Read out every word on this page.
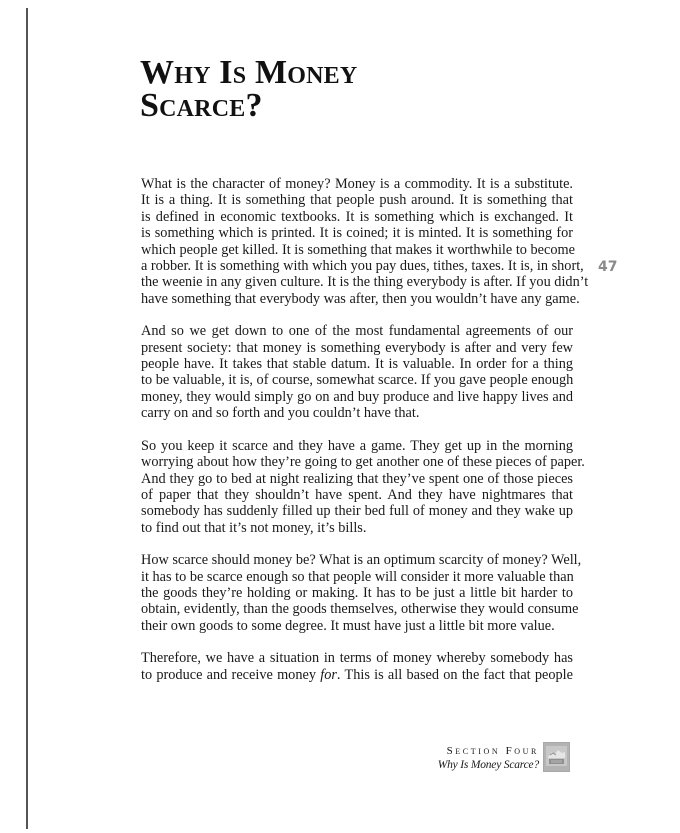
Why Is Money
Scarce?
47

What is the character of money? Money is a commodity. It is a substitute.
It is a thing. It is something that people push around. It is something that
is defined in economic textbooks. It is something which is exchanged. It
is something which is printed. It is coined; it is minted. It is something for
which people get killed. It is something that makes it worthwhile to become
a robber. It is something with which you pay dues, tithes, taxes. It is, in short,
the weenie in any given culture. It is the thing everybody is after. If you didn’t
have something that everybody was after, then you wouldn’t have any game.

And so we get down to one of the most fundamental agreements of our
present society: that money is something everybody is after and very few
people have. It takes that stable datum. It is valuable. In order for a thing
to be valuable, it is, of course, somewhat scarce. If you gave people enough
money, they would simply go on and buy produce and live happy lives and
carry on and so forth and you couldn’t have that.

So you keep it scarce and they have a game. They get up in the morning
worrying about how they’re going to get another one of these pieces of paper.
And they go to bed at night realizing that they’ve spent one of those pieces
of paper that they shouldn’t have spent. And they have nightmares that
somebody has suddenly filled up their bed full of money and they wake up
to find out that it’s not money, it’s bills.

How scarce should money be? What is an optimum scarcity of money? Well,
it has to be scarce enough so that people will consider it more valuable than
the goods they’re holding or making. It has to be just a little bit harder to
obtain, evidently, than the goods themselves, otherwise they would consume
their own goods to some degree. It must have just a little bit more value.

Therefore, we have a situation in terms of money whereby somebody has
to produce and receive money for. This is all based on the fact that people

Section Four
Why Is Money Scarce?
